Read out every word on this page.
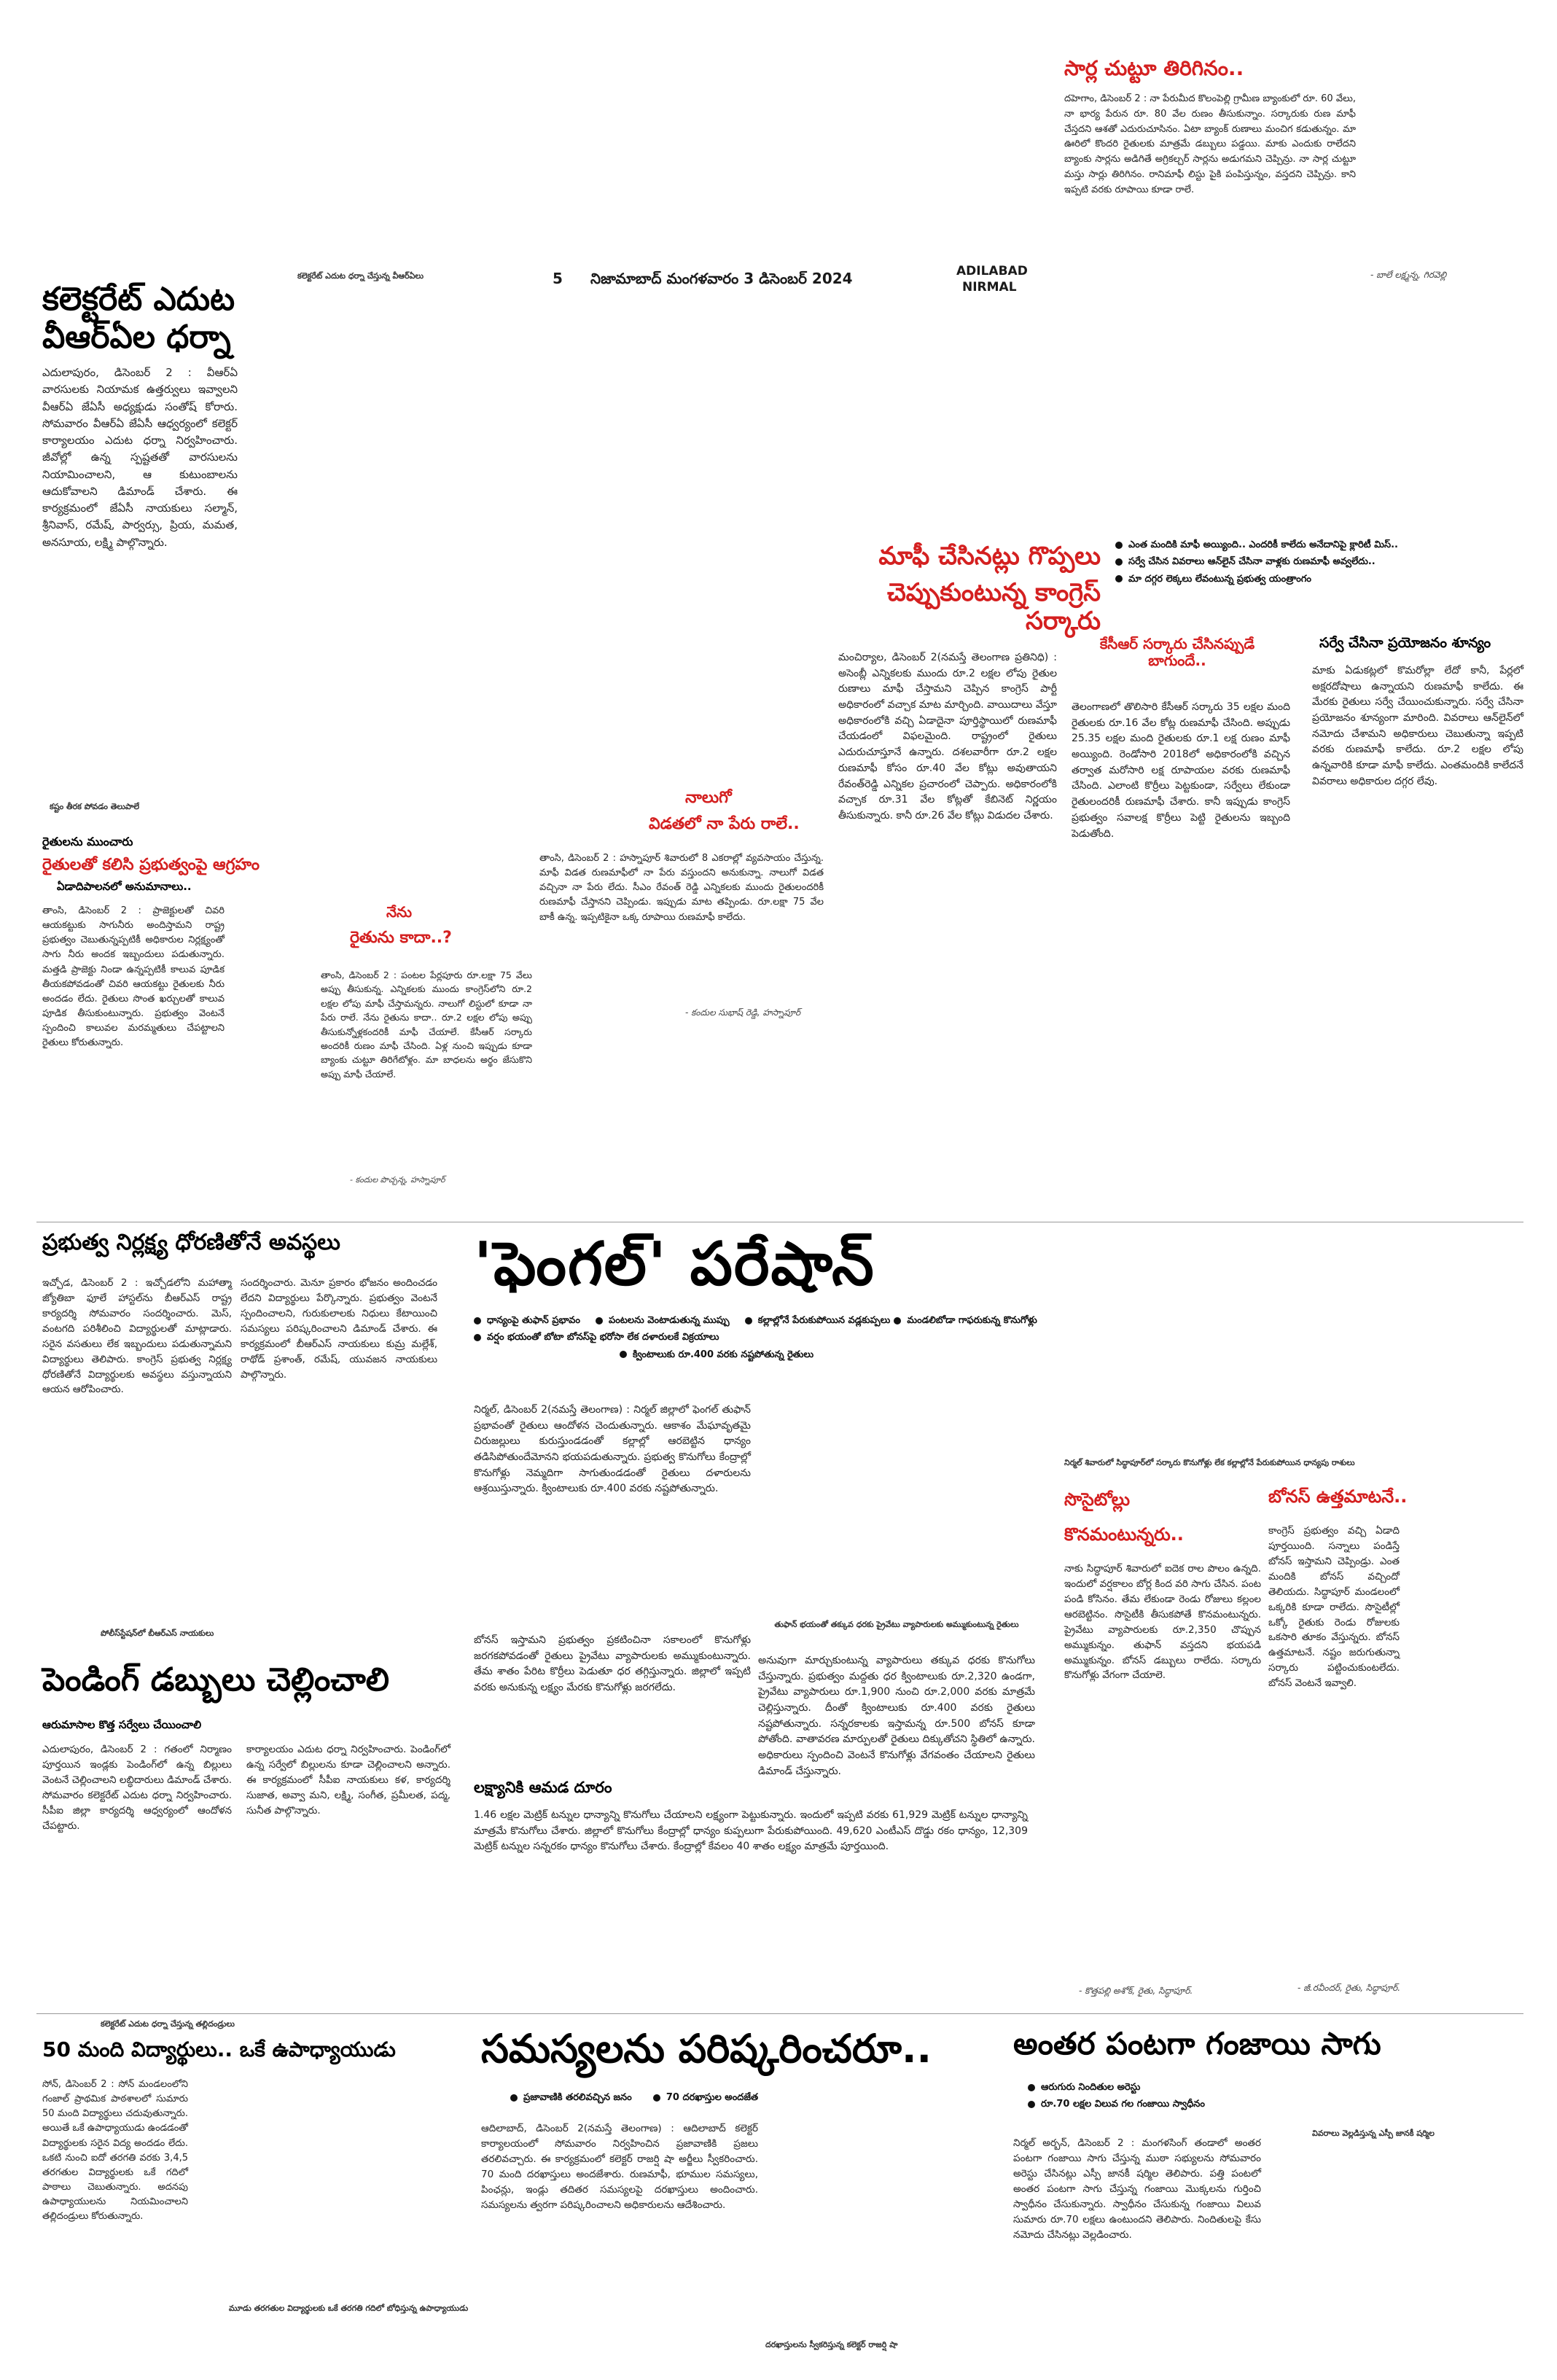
5 నిజామాబాద్ మంగళవారం 3 డిసెంబర్ 2024	ADILABAD
NIRMAL
కలెక్టరేట్ ఎదుట ధర్నా చేస్తున్న వీఆర్ఏలు
కలెక్టరేట్ ఎదుట
వీఆర్ఏల ధర్నా
ఎదులాపురం, డిసెంబర్ 2 : వీఆర్ఏ వారసులకు నియామక ఉత్తర్వులు ఇవ్వాలని వీఆర్ఏ జేఏసీ అధ్యక్షుడు సంతోష్ కోరారు. సోమవారం వీఆర్ఏ జేఏసీ ఆధ్వర్యంలో కలెక్టర్ కార్యాలయం ఎదుట ధర్నా నిర్వహించారు. జీవోల్లో ఉన్న స్పష్టతతో వారసులను నియామించాలని, ఆ కుటుంబాలను ఆదుకోవాలని డిమాండ్ చేశారు. ఈ కార్యక్రమంలో జేఏసీ నాయకులు సల్మాన్, శ్రీనివాస్, రమేష్, పార్వర్సు, ప్రియ, మమత, అనసూయ, లక్ష్మి పాల్గొన్నారు.
సార్ల చుట్టూ తిరిగినం..
దహెగాం, డిసెంబర్ 2 : నా పేరుమీద కొలంపెల్లి గ్రామీణ బ్యాంకులో రూ. 60 వేలు, నా భార్య పేరున రూ. 80 వేల రుణం తీసుకున్నాం. సర్కారుకు రుణ మాఫీ చేస్తదని ఆశతో ఎదురుచూసినం. ఏటా బ్యాంక్ రుణాలు మంచిగ కడుతున్నం. మా ఊరిలో కొందరి రైతులకు మాత్రమే డబ్బులు పడ్డయి. మాకు ఎందుకు రాలేదని బ్యాంకు సార్లను అడిగితే అగ్రికల్చర్ సార్లను అడుగమని చెప్పిన్రు. నా సార్ల చుట్టూ మస్తు సార్లు తిరిగినం. రానిమాఫీ లిస్టు పైకి పంపిస్తున్నం, వస్తదని చెప్పిన్రు. కాని ఇప్పటి వరకు రూపాయి కూడా రాలే.
- బాలే లక్ష్మన్న, గిరవెల్లి
మాఫీ చేసినట్లు గొప్పలు
చెప్పుకుంటున్న కాంగ్రెస్ సర్కారు
ఎంత మందికి మాఫీ అయ్యింది.. ఎందరికీ కాలేదు అనేదానిపై క్లారిటీ మిస్..
సర్వే చేసిన వివరాలు ఆన్‌లైన్ చేసినా వాళ్లకు రుణమాఫీ అవ్వలేదు..
మా దగ్గర లెక్కలు లేవంటున్న ప్రభుత్వ యంత్రాంగం
మంచిర్యాల, డిసెంబర్ 2(నమస్తే తెలంగాణ ప్రతినిధి) : అసెంబ్లీ ఎన్నికలకు ముందు రూ.2 లక్షల లోపు రైతుల రుణాలు మాఫీ చేస్తామని చెప్పిన కాంగ్రెస్ పార్టీ అధికారంలో వచ్చాక మాట మార్చింది. వాయిదాలు వేస్తూ అధికారంలోకి వచ్చి ఏడాదైనా పూర్తిస్థాయిలో రుణమాఫీ చేయడంలో విఫలమైంది. రాష్ట్రంలో రైతులు ఎదురుచూస్తూనే ఉన్నారు. దశలవారీగా రూ.2 లక్షల రుణమాఫీ కోసం రూ.40 వేల కోట్లు అవుతాయని రేవంత్‌రెడ్డి ఎన్నికల ప్రచారంలో చెప్పారు. అధికారంలోకి వచ్చాక రూ.31 వేల కోట్లతో కేబినెట్ నిర్ణయం తీసుకున్నారు. కానీ రూ.26 వేల కోట్లు విడుదల చేశారు.
కేసీఆర్ సర్కారు చేసినప్పుడే బాగుందే..
తెలంగాణలో తొలిసారి కేసీఆర్ సర్కారు 35 లక్షల మంది రైతులకు రూ.16 వేల కోట్ల రుణమాఫీ చేసింది. అప్పుడు 25.35 లక్షల మంది రైతులకు రూ.1 లక్ష రుణం మాఫీ అయ్యింది. రెండోసారి 2018లో అధికారంలోకి వచ్చిన తర్వాత మరోసారి లక్ష రూపాయల వరకు రుణమాఫీ చేసింది. ఎలాంటి కొర్రీలు పెట్టకుండా, సర్వేలు లేకుండా రైతులందరికీ రుణమాఫీ చేశారు. కానీ ఇప్పుడు కాంగ్రెస్ ప్రభుత్వం సవాలక్ష కొర్రీలు పెట్టి రైతులను ఇబ్బంది పెడుతోంది.
సర్వే చేసినా ప్రయోజనం శూన్యం
మాకు ఏడుకట్లలో కొమరోల్లా లేదో కానీ, పేర్లలో అక్షరదోషాలు ఉన్నాయని రుణమాఫీ కాలేదు. ఈ మేరకు రైతులు సర్వే చేయించుకున్నారు. సర్వే చేసినా ప్రయోజనం శూన్యంగా మారింది. వివరాలు ఆన్‌లైన్‌లో నమోదు చేశామని అధికారులు చెబుతున్నా ఇప్పటి వరకు రుణమాఫీ కాలేదు. రూ.2 లక్షల లోపు ఉన్నవారికి కూడా మాఫీ కాలేదు. ఎంతమందికి కాలేదనే వివరాలు అధికారుల దగ్గర లేవు.
నాలుగో
విడతలో నా పేరు రాలే..
తాంసి, డిసెంబర్ 2 : హస్నాపూర్ శివారులో 8 ఎకరాల్లో వ్యవసాయం చేస్తున్న. మాఫీ విడత రుణమాఫీలో నా పేరు వస్తుందని అనుకున్నా. నాలుగో విడత వచ్చినా నా పేరు లేదు. సీఎం రేవంత్ రెడ్డి ఎన్నికలకు ముందు రైతులందరికీ రుణమాఫీ చేస్తానని చెప్పిండు. ఇప్పుడు మాట తప్పిండు. రూ.లక్షా 75 వేల బాకీ ఉన్న. ఇప్పటికైనా ఒక్క రూపాయి రుణమాఫీ కాలేదు.
- కందుల సుభాష్ రెడ్డి, హస్నాపూర్
నేను
రైతును కాదా..?
తాంసి, డిసెంబర్ 2 : పంటల పేర్లపూరు రూ.లక్షా 75 వేలు అప్పు తీసుకున్న. ఎన్నికలకు ముందు కాంగ్రెస్‌లోని రూ.2 లక్షల లోపు మాఫీ చేస్తామన్నరు. నాలుగో లిస్టులో కూడా నా పేరు రాలే. నేను రైతును కాదా.. రూ.2 లక్షల లోపు అప్పు తీసుకున్నోళ్లకందరికీ మాఫీ చేయాలే. కేసీఆర్ సర్కారు అందరికీ రుణం మాఫీ చేసింది. ఏళ్ల నుంచి ఇప్పుడు కూడా బ్యాంకు చుట్టూ తిరిగేటోళ్లం. మా బాధలను అర్థం జేసుకొని అప్పు మాఫీ చేయాలే.
- కందుల పొచ్చన్న, హస్నాపూర్
కష్టం తీరక పోవడం తెలుపాలే
రైతులను ముంచారు
రైతులతో కలిసి ప్రభుత్వంపై ఆగ్రహం
ఏడాదిపాలనలో అనుమానాలు..
తాంసి, డిసెంబర్ 2 : ప్రాజెక్టులతో చివరి ఆయకట్టుకు సాగునీరు అందిస్తామని రాష్ట్ర ప్రభుత్వం చెబుతున్నప్పటికీ అధికారుల నిర్లక్ష్యంతో సాగు నీరు అందక ఇబ్బందులు పడుతున్నారు. మత్తడి ప్రాజెక్టు నిండా ఉన్నప్పటికీ కాలువ పూడిక తీయకపోవడంతో చివరి ఆయకట్టు రైతులకు నీరు అందడం లేదు. రైతులు సొంత ఖర్చులతో కాలువ పూడిక తీసుకుంటున్నారు. ప్రభుత్వం వెంటనే స్పందించి కాలువల మరమ్మతులు చేపట్టాలని రైతులు కోరుతున్నారు.
ప్రభుత్వ నిర్లక్ష్య ధోరణితోనే అవస్థలు
ఇచ్చోడ, డిసెంబర్ 2 : ఇచ్చోడలోని మహాత్మా జ్యోతిబా ఫూలే హాస్టల్‌ను బీఆర్ఎస్ రాష్ట్ర కార్యదర్శి సోమవారం సందర్శించారు. మెస్‌, వంటగది పరిశీలించి విద్యార్థులతో మాట్లాడారు. సరైన వసతులు లేక ఇబ్బందులు పడుతున్నామని విద్యార్థులు తెలిపారు. కాంగ్రెస్ ప్రభుత్వ నిర్లక్ష్య ధోరణితోనే విద్యార్థులకు అవస్థలు వస్తున్నాయని ఆయన ఆరోపించారు.
సందర్శించారు. మెనూ ప్రకారం భోజనం అందించడం లేదని విద్యార్థులు పేర్కొన్నారు. ప్రభుత్వం వెంటనే స్పందించాలని, గురుకులాలకు నిధులు కేటాయించి సమస్యలు పరిష్కరించాలని డిమాండ్ చేశారు. ఈ కార్యక్రమంలో బీఆర్ఎస్ నాయకులు కుమ్ర మల్లేశ్, రాథోడ్ ప్రశాంత్, రమేష్, యువజన నాయకులు పాల్గొన్నారు.
'ఫెంగల్' పరేషాన్
ధాన్యంపై తుఫాన్ ప్రభావం	పంటలను వెంటాడుతున్న ముప్పు	కల్లాల్లోనే పేరుకుపోయిన వడ్లకుప్పలు మండలిబోడా గాఫరుకున్న కొనుగోళ్లు వర్షం భయంతో బోటా బోనస్‌పై భరోసా లేక దళారులకే విక్రయాలు
క్వింటాలుకు రూ.400 వరకు నష్టపోతున్న రైతులు
నిర్మల్, డిసెంబర్ 2(నమస్తే తెలంగాణ) : నిర్మల్ జిల్లాలో ఫెంగల్ తుఫాన్ ప్రభావంతో రైతులు ఆందోళన చెందుతున్నారు. ఆకాశం మేఘావృతమై చిరుజల్లులు కురుస్తుండడంతో కల్లాల్లో ఆరబెట్టిన ధాన్యం తడిసిపోతుందేమోనని భయపడుతున్నారు. ప్రభుత్వ కొనుగోలు కేంద్రాల్లో కొనుగోళ్లు నెమ్మదిగా సాగుతుండడంతో రైతులు దళారులను ఆశ్రయిస్తున్నారు. క్వింటాలుకు రూ.400 వరకు నష్టపోతున్నారు.
బోనస్ ఇస్తామని ప్రభుత్వం ప్రకటించినా సకాలంలో కొనుగోళ్లు జరగకపోవడంతో రైతులు ప్రైవేటు వ్యాపారులకు అమ్ముకుంటున్నారు. తేమ శాతం పేరిట కొర్రీలు పెడుతూ ధర తగ్గిస్తున్నారు. జిల్లాలో ఇప్పటి వరకు అనుకున్న లక్ష్యం మేరకు కొనుగోళ్లు జరగలేదు.
లక్ష్యానికి ఆమడ దూరం
1.46 లక్షల మెట్రిక్ టన్నుల ధాన్యాన్ని కొనుగోలు చేయాలని లక్ష్యంగా పెట్టుకున్నారు. ఇందులో ఇప్పటి వరకు 61,929 మెట్రిక్ టన్నుల ధాన్యాన్ని మాత్రమే కొనుగోలు చేశారు. జిల్లాలో కొనుగోలు కేంద్రాల్లో ధాన్యం కుప్పలుగా పేరుకుపోయింది. 49,620 ఎంటీఎస్ దొడ్డు రకం ధాన్యం, 12,309 మెట్రిక్ టన్నుల సన్నరకం ధాన్యం కొనుగోలు చేశారు. కేంద్రాల్లో కేవలం 40 శాతం లక్ష్యం మాత్రమే పూర్తయింది.
తుఫాన్ భయంతో తక్కువ ధరకు ప్రైవేటు వ్యాపారులకు అమ్ముకుంటున్న రైతులు
అనువుగా మార్చుకుంటున్న వ్యాపారులు తక్కువ ధరకు కొనుగోలు చేస్తున్నారు. ప్రభుత్వం మద్దతు ధర క్వింటాలుకు రూ.2,320 ఉండగా, ప్రైవేటు వ్యాపారులు రూ.1,900 నుంచి రూ.2,000 వరకు మాత్రమే చెల్లిస్తున్నారు. దీంతో క్వింటాలుకు రూ.400 వరకు రైతులు నష్టపోతున్నారు. సన్నరకాలకు ఇస్తామన్న రూ.500 బోనస్ కూడా పోతోంది. వాతావరణ మార్పులతో రైతులు దిక్కుతోచని స్థితిలో ఉన్నారు. అధికారులు స్పందించి వెంటనే కొనుగోళ్లు వేగవంతం చేయాలని రైతులు డిమాండ్ చేస్తున్నారు.
నిర్మల్ శివారులో సిద్ధాపూర్‌లో సర్కారు కొనుగోళ్లు లేక కల్లాల్లోనే పేరుకుపోయిన ధాన్యపు రాశులు
సొసైటోల్లు
కొనమంటున్నరు..
నాకు సిద్ధాపూర్ శివారులో ఐదెక రాల పొలం ఉన్నది. ఇందులో వర్షకాలం బోర్ల కింద వరి సాగు చేసిన. పంట పండి కోసినం. తేమ లేకుండా రెండు రోజులు కల్లంల ఆరబెట్టినం. సొసైటీకి తీసుకపోతే కొనమంటున్నరు. ప్రైవేటు వ్యాపారులకు రూ.2,350 చొప్పున అమ్ముకున్నం. తుఫాన్ వస్తదని భయపడి అమ్ముకున్నం. బోనస్ డబ్బులు రాలేదు. సర్కారు కొనుగోళ్లు వేగంగా చేయాలె.
- కొత్తపల్లి అశోక్, రైతు, సిద్ధాపూర్.
బోనస్ ఉత్తమాటనే..
కాంగ్రెస్ ప్రభుత్వం వచ్చి ఏడాది పూర్తయింది. సన్నాలు పండిస్తే బోనస్ ఇస్తామని చెప్పిండ్రు. ఎంత మందికి బోనస్ వచ్చిందో తెలియదు. సిద్ధాపూర్ మండలంలో ఒక్కరికి కూడా రాలేదు. సొసైటీల్లో ఒక్కో రైతుకు రెండు రోజులకు ఒకసారి తూకం వేస్తున్నరు. బోనస్ ఉత్తమాటనే. నష్టం జరుగుతున్నా సర్కారు పట్టించుకుంటలేదు. బోనస్ వెంటనే ఇవ్వాలి.
- జీ.రవీందర్, రైతు, సిద్ధాపూర్.
పోలీస్‌స్టేషన్‌లో బీఆర్ఎస్ నాయకులు
పెండింగ్ డబ్బులు చెల్లించాలి
ఆరుమాసాల కొత్త సర్వేలు చేయించాలి
ఎదులాపురం, డిసెంబర్ 2 : గతంలో నిర్మాణం పూర్తయిన ఇండ్లకు పెండింగ్‌లో ఉన్న బిల్లులు వెంటనే చెల్లించాలని లబ్ధిదారులు డిమాండ్ చేశారు. సోమవారం కలెక్టరేట్ ఎదుట ధర్నా నిర్వహించారు. సీపీఐ జిల్లా కార్యదర్శి ఆధ్వర్యంలో ఆందోళన చేపట్టారు.
కార్యాలయం ఎదుట ధర్నా నిర్వహించారు. పెండింగ్‌లో ఉన్న సర్వేలో బిల్లులను కూడా చెల్లించాలని అన్నారు. ఈ కార్యక్రమంలో సీపీఐ నాయకులు కళ, కార్యదర్శి సుజాత, అవ్వా మని, లక్ష్మి, సంగీత, ప్రమీలత, పద్మ, సునీత పాల్గొన్నారు.
కలెక్టరేట్ ఎదుట ధర్నా చేస్తున్న తల్లిదండ్రులు
50 మంది విద్యార్థులు.. ఒకే ఉపాధ్యాయుడు
సోన్, డిసెంబర్ 2 : సోన్ మండలంలోని గంజాల్ ప్రాథమిక పాఠశాలలో సుమారు 50 మంది విద్యార్థులు చదువుతున్నారు. అయితే ఒకే ఉపాధ్యాయుడు ఉండడంతో విద్యార్థులకు సరైన విద్య అందడం లేదు. ఒకటి నుంచి ఐదో తరగతి వరకు 3,4,5 తరగతుల విద్యార్థులకు ఒకే గదిలో పాఠాలు చెబుతున్నారు. అదనపు ఉపాధ్యాయులను నియమించాలని తల్లిదండ్రులు కోరుతున్నారు.
మూడు తరగతుల విద్యార్థులకు ఒకే తరగతి గదిలో బోధిస్తున్న ఉపాధ్యాయుడు
సమస్యలను పరిష్కరించరూ..
ప్రజావాణికి తరలివచ్చిన జనం	70 దరఖాస్తుల అందజేత
ఆదిలాబాద్, డిసెంబర్ 2(నమస్తే తెలంగాణ) : ఆదిలాబాద్ కలెక్టర్ కార్యాలయంలో సోమవారం నిర్వహించిన ప్రజావాణికి ప్రజలు తరలివచ్చారు. ఈ కార్యక్రమంలో కలెక్టర్ రాజర్షి షా అర్జీలు స్వీకరించారు. 70 మంది దరఖాస్తులు అందజేశారు. రుణమాఫీ, భూముల సమస్యలు, పింఛన్లు, ఇండ్లు తదితర సమస్యలపై దరఖాస్తులు అందించారు. సమస్యలను త్వరగా పరిష్కరించాలని అధికారులను ఆదేశించారు.
దరఖాస్తులను స్వీకరిస్తున్న కలెక్టర్ రాజర్షి షా
అంతర పంటగా గంజాయి సాగు
ఆరుగురు నిందితుల అరెస్టు
రూ.70 లక్షల విలువ గల గంజాయి స్వాధీనం
నిర్మల్ అర్బన్, డిసెంబర్ 2 : మంగళసింగ్ తండాలో అంతర పంటగా గంజాయి సాగు చేస్తున్న ముఠా సభ్యులను సోమవారం అరెస్టు చేసినట్లు ఎస్పీ జానకీ షర్మిల తెలిపారు. పత్తి పంటలో అంతర పంటగా సాగు చేస్తున్న గంజాయి మొక్కలను గుర్తించి స్వాధీనం చేసుకున్నారు. స్వాధీనం చేసుకున్న గంజాయి విలువ సుమారు రూ.70 లక్షలు ఉంటుందని తెలిపారు. నిందితులపై కేసు నమోదు చేసినట్లు వెల్లడించారు.
వివరాలు వెల్లడిస్తున్న ఎస్పీ జానకీ షర్మిల
